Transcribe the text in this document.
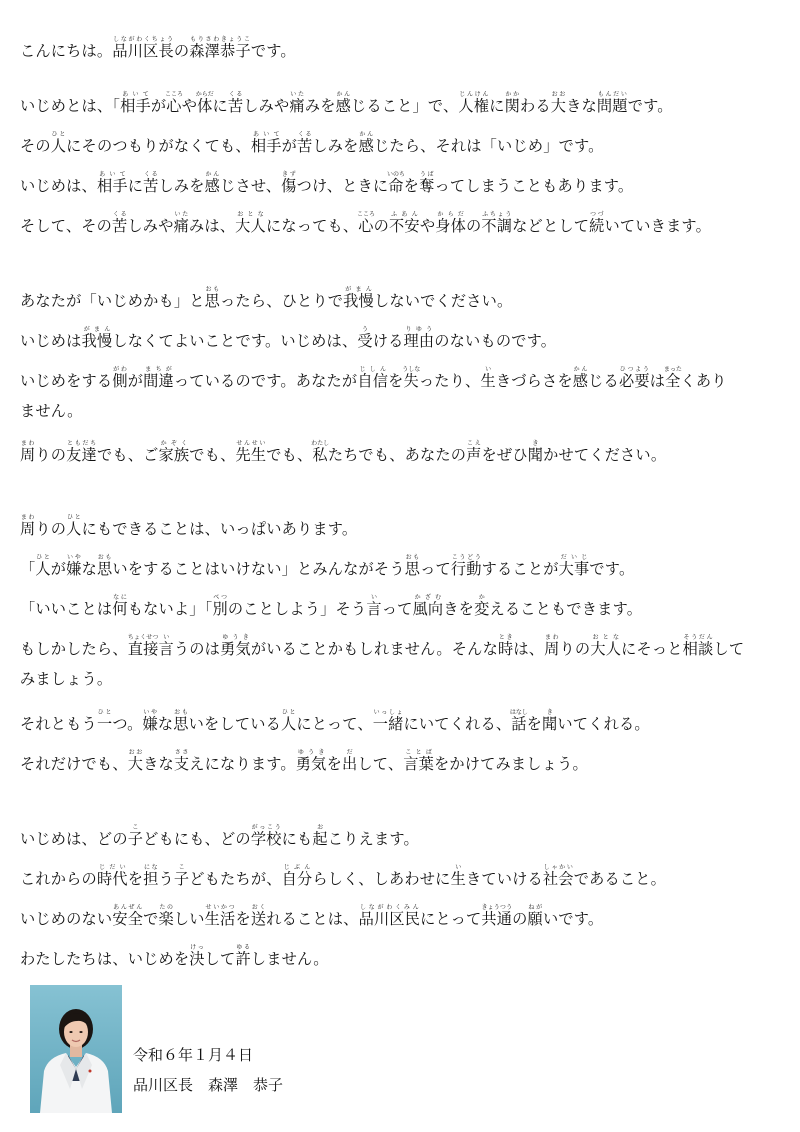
こんにちは。品川区長しながわくちょうの森澤恭子もりさわきょうこです。
いじめとは、「相手あいてが心こころや体からだに苦くるしみや痛いたみを感かんじること」で、人権じんけんに関かかわる大おおきな問題もんだいです。
その人ひとにそのつもりがなくても、相手あいてが苦くるしみを感かんじたら、それは「いじめ」です。
いじめは、相手あいてに苦くるしみを感かんじさせ、傷きずつけ、ときに命いのちを奪うばってしまうこともあります。
そして、その苦くるしみや痛いたみは、大人おとなになっても、心こころの不安ふあんや身体からだの不調ふちょうなどとして続つづいていきます。
あなたが「いじめかも」と思おもったら、ひとりで我慢がまんしないでください。
いじめは我慢がまんしなくてよいことです。いじめは、受うける理由りゆうのないものです。
いじめをする側がわが間違まちがっているのです。あなたが自信じしんを失うしなったり、生いきづらさを感かんじる必要ひつようは全まったくあり
ません。
周まわりの友達ともだちでも、ご家族かぞくでも、先生せんせいでも、私わたしたちでも、あなたの声こえをぜひ聞きかせてください。
周まわりの人ひとにもできることは、いっぱいあります。
「人ひとが嫌いやな思おもいをすることはいけない」とみんながそう思おもって行動こうどうすることが大事だいじです。
「いいことは何なにもないよ」「別べつのことしよう」そう言いって風向かざむきを変かえることもできます。
もしかしたら、直接ちょくせつ言いうのは勇気ゆうきがいることかもしれません。そんな時ときは、周まわりの大人おとなにそっと相談そうだんして
みましょう。
それともう一ひとつ。嫌いやな思おもいをしている人ひとにとって、一緒いっしょにいてくれる、話はなしを聞きいてくれる。
それだけでも、大おおきな支ささえになります。勇気ゆうきを出だして、言葉ことばをかけてみましょう。
いじめは、どの子こどもにも、どの学校がっこうにも起おこりえます。
これからの時代じだいを担になう子こどもたちが、自分じぶんらしく、しあわせに生いきていける社会しゃかいであること。
いじめのない安全あんぜんで楽たのしい生活せいかつを送おくれることは、品川区民しながわくみんにとって共通きょうつうの願ねがいです。
わたしたちは、いじめを決けっして許ゆるしません。
令和６年１月４日
品川区長　森澤　恭子
